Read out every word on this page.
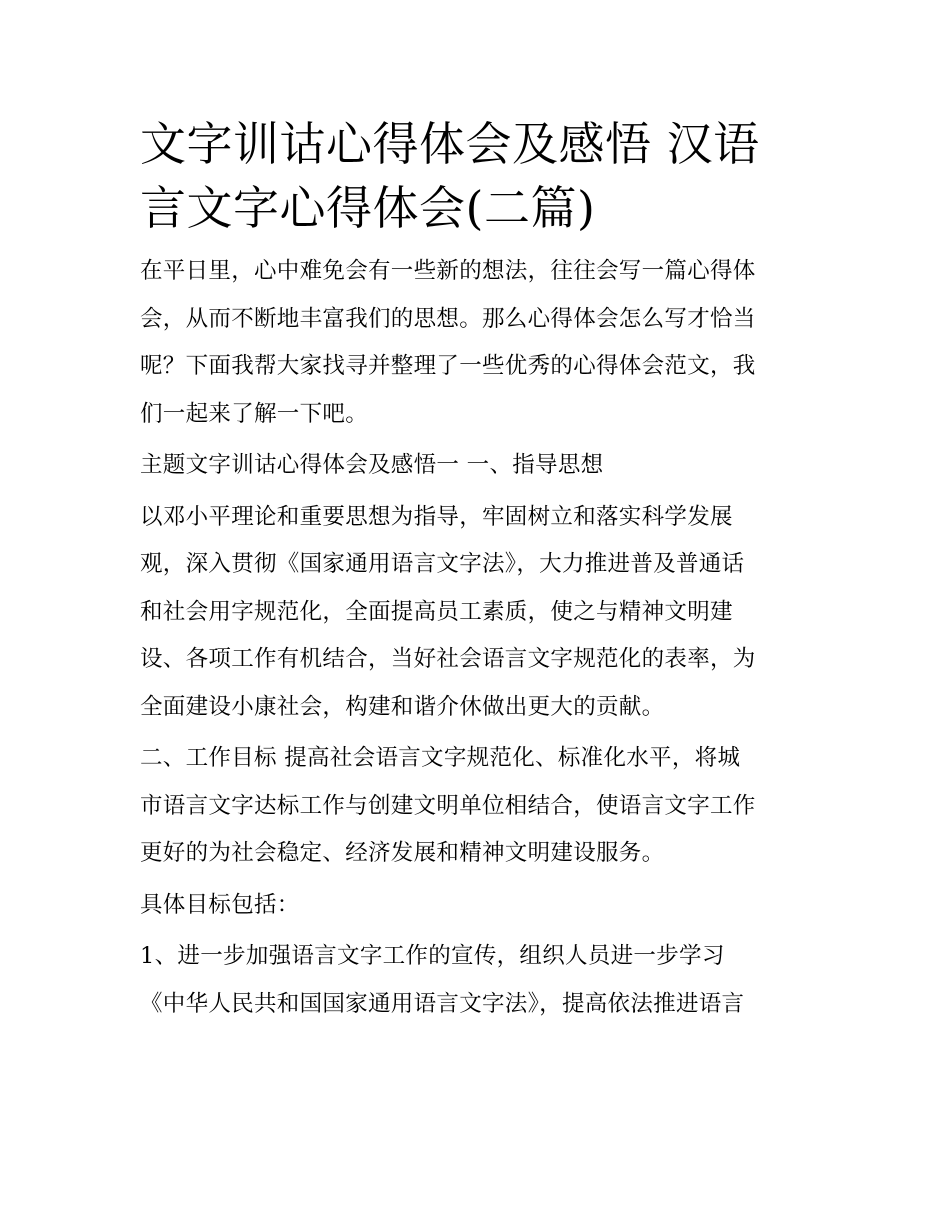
文字训诂心得体会及感悟 汉语
言文字心得体会(二篇)

在平日里，心中难免会有一些新的想法，往往会写一篇心得体
会，从而不断地丰富我们的思想。那么心得体会怎么写才恰当
呢？下面我帮大家找寻并整理了一些优秀的心得体会范文，我
们一起来了解一下吧。

主题文字训诂心得体会及感悟一 一、指导思想

以邓小平理论和重要思想为指导，牢固树立和落实科学发展
观，深入贯彻《国家通用语言文字法》，大力推进普及普通话
和社会用字规范化，全面提高员工素质，使之与精神文明建
设、各项工作有机结合，当好社会语言文字规范化的表率，为
全面建设小康社会，构建和谐介休做出更大的贡献。

二、工作目标 提高社会语言文字规范化、标准化水平，将城
市语言文字达标工作与创建文明单位相结合，使语言文字工作
更好的为社会稳定、经济发展和精神文明建设服务。

具体目标包括：

1、进一步加强语言文字工作的宣传，组织人员进一步学习
《中华人民共和国国家通用语言文字法》，提高依法推进语言
